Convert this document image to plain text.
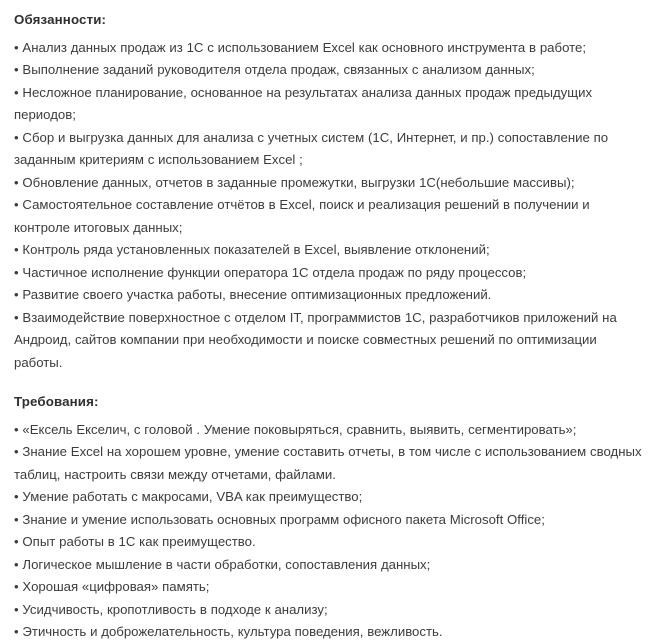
Обязанности:
• Анализ данных продаж из 1С с использованием Excel как основного инструмента в работе;
• Выполнение заданий руководителя отдела продаж, связанных с анализом данных;
• Несложное планирование, основанное на результатах анализа данных продаж предыдущих периодов;
• Сбор и выгрузка данных для анализа с учетных систем (1С, Интернет, и пр.) сопоставление по заданным критериям с использованием Excel ;
• Обновление данных, отчетов в заданные промежутки, выгрузки 1С(небольшие массивы);
• Самостоятельное составление отчётов в Excel, поиск и реализация решений в получении и контроле итоговых данных;
• Контроль ряда установленных показателей в Excel, выявление отклонений;
• Частичное исполнение функции оператора 1С отдела продаж по ряду процессов;
• Развитие своего участка работы, внесение оптимизационных предложений.
• Взаимодействие поверхностное с отделом IT, программистов 1С, разработчиков приложений на Андроид, сайтов компании при необходимости и поиске совместных решений по оптимизации работы.
Требования:
• «Ексель Екселич, с головой . Умение поковыряться, сравнить, выявить, сегментировать»;
• Знание Excel на хорошем уровне, умение составить отчеты, в том числе с использованием сводных таблиц, настроить связи между отчетами, файлами.
• Умение работать с макросами, VBA как преимущество;
• Знание и умение использовать основных программ офисного пакета Microsoft Office;
• Опыт работы в 1С как преимущество.
• Логическое мышление в части обработки, сопоставления данных;
• Хорошая «цифровая» память;
• Усидчивость, кропотливость в подходе к анализу;
• Этичность и доброжелательность, культура поведения, вежливость.
